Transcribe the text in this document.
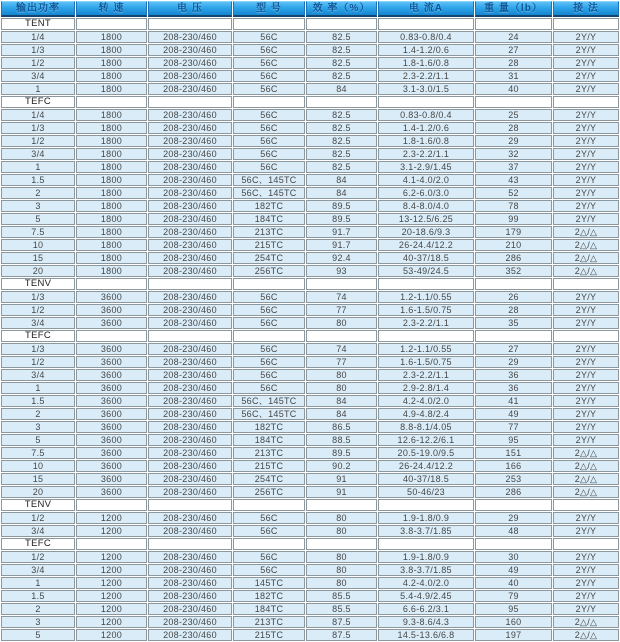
输出功率	转 速	电 压	型 号	效 率（%）	电 流A	重 量（lb）	接 法
TENT							
1/4	1800	208-230/460	56C	82.5	0.83-0.8/0.4	24	2Y/Y
1/3	1800	208-230/460	56C	82.5	1.4-1.2/0.6	27	2Y/Y
1/2	1800	208-230/460	56C	82.5	1.8-1.6/0.8	28	2Y/Y
3/4	1800	208-230/460	56C	82.5	2.3-2.2/1.1	31	2Y/Y
1	1800	208-230/460	56C	84	3.1-3.0/1.5	40	2Y/Y
TEFC							
1/4	1800	208-230/460	56C	82.5	0.83-0.8/0.4	25	2Y/Y
1/3	1800	208-230/460	56C	82.5	1.4-1.2/0.6	28	2Y/Y
1/2	1800	208-230/460	56C	82.5	1.8-1.6/0.8	29	2Y/Y
3/4	1800	208-230/460	56C	82.5	2.3-2.2/1.1	32	2Y/Y
1	1800	208-230/460	56C	82.5	3.1-2.9/1.45	37	2Y/Y
1.5	1800	208-230/460	56C、145TC	84	4.1-4.0/2.0	43	2Y/Y
2	1800	208-230/460	56C、145TC	84	6.2-6.0/3.0	52	2Y/Y
3	1800	208-230/460	182TC	89.5	8.4-8.0/4.0	78	2Y/Y
5	1800	208-230/460	184TC	89.5	13-12.5/6.25	99	2Y/Y
7.5	1800	208-230/460	213TC	91.7	20-18.6/9.3	179	2△/△
10	1800	208-230/460	215TC	91.7	26-24.4/12.2	210	2△/△
15	1800	208-230/460	254TC	92.4	40-37/18.5	286	2△/△
20	1800	208-230/460	256TC	93	53-49/24.5	352	2△/△
TENV							
1/3	3600	208-230/460	56C	74	1.2-1.1/0.55	26	2Y/Y
1/2	3600	208-230/460	56C	77	1.6-1.5/0.75	28	2Y/Y
3/4	3600	208-230/460	56C	80	2.3-2.2/1.1	35	2Y/Y
TEFC							
1/3	3600	208-230/460	56C	74	1.2-1.1/0.55	27	2Y/Y
1/2	3600	208-230/460	56C	77	1.6-1.5/0.75	29	2Y/Y
3/4	3600	208-230/460	56C	80	2.3-2.2/1.1	36	2Y/Y
1	3600	208-230/460	56C	80	2.9-2.8/1.4	36	2Y/Y
1.5	3600	208-230/460	56C、145TC	84	4.2-4.0/2.0	41	2Y/Y
2	3600	208-230/460	56C、145TC	84	4.9-4.8/2.4	49	2Y/Y
3	3600	208-230/460	182TC	86.5	8.8-8.1/4.05	77	2Y/Y
5	3600	208-230/460	184TC	88.5	12.6-12.2/6.1	95	2Y/Y
7.5	3600	208-230/460	213TC	89.5	20.5-19.0/9.5	151	2△/△
10	3600	208-230/460	215TC	90.2	26-24.4/12.2	166	2△/△
15	3600	208-230/460	254TC	91	40-37/18.5	253	2△/△
20	3600	208-230/460	256TC	91	50-46/23	286	2△/△
TENV							
1/2	1200	208-230/460	56C	80	1.9-1.8/0.9	29	2Y/Y
3/4	1200	208-230/460	56C	80	3.8-3.7/1.85	48	2Y/Y
TEFC							
1/2	1200	208-230/460	56C	80	1.9-1.8/0.9	30	2Y/Y
3/4	1200	208-230/460	56C	80	3.8-3.7/1.85	49	2Y/Y
1	1200	208-230/460	145TC	80	4.2-4.0/2.0	40	2Y/Y
1.5	1200	208-230/460	182TC	85.5	5.4-4.9/2.45	79	2Y/Y
2	1200	208-230/460	184TC	85.5	6.6-6.2/3.1	95	2Y/Y
3	1200	208-230/460	213TC	87.5	9.3-8.6/4.3	160	2△/△
5	1200	208-230/460	215TC	87.5	14.5-13.6/6.8	197	2△/△
